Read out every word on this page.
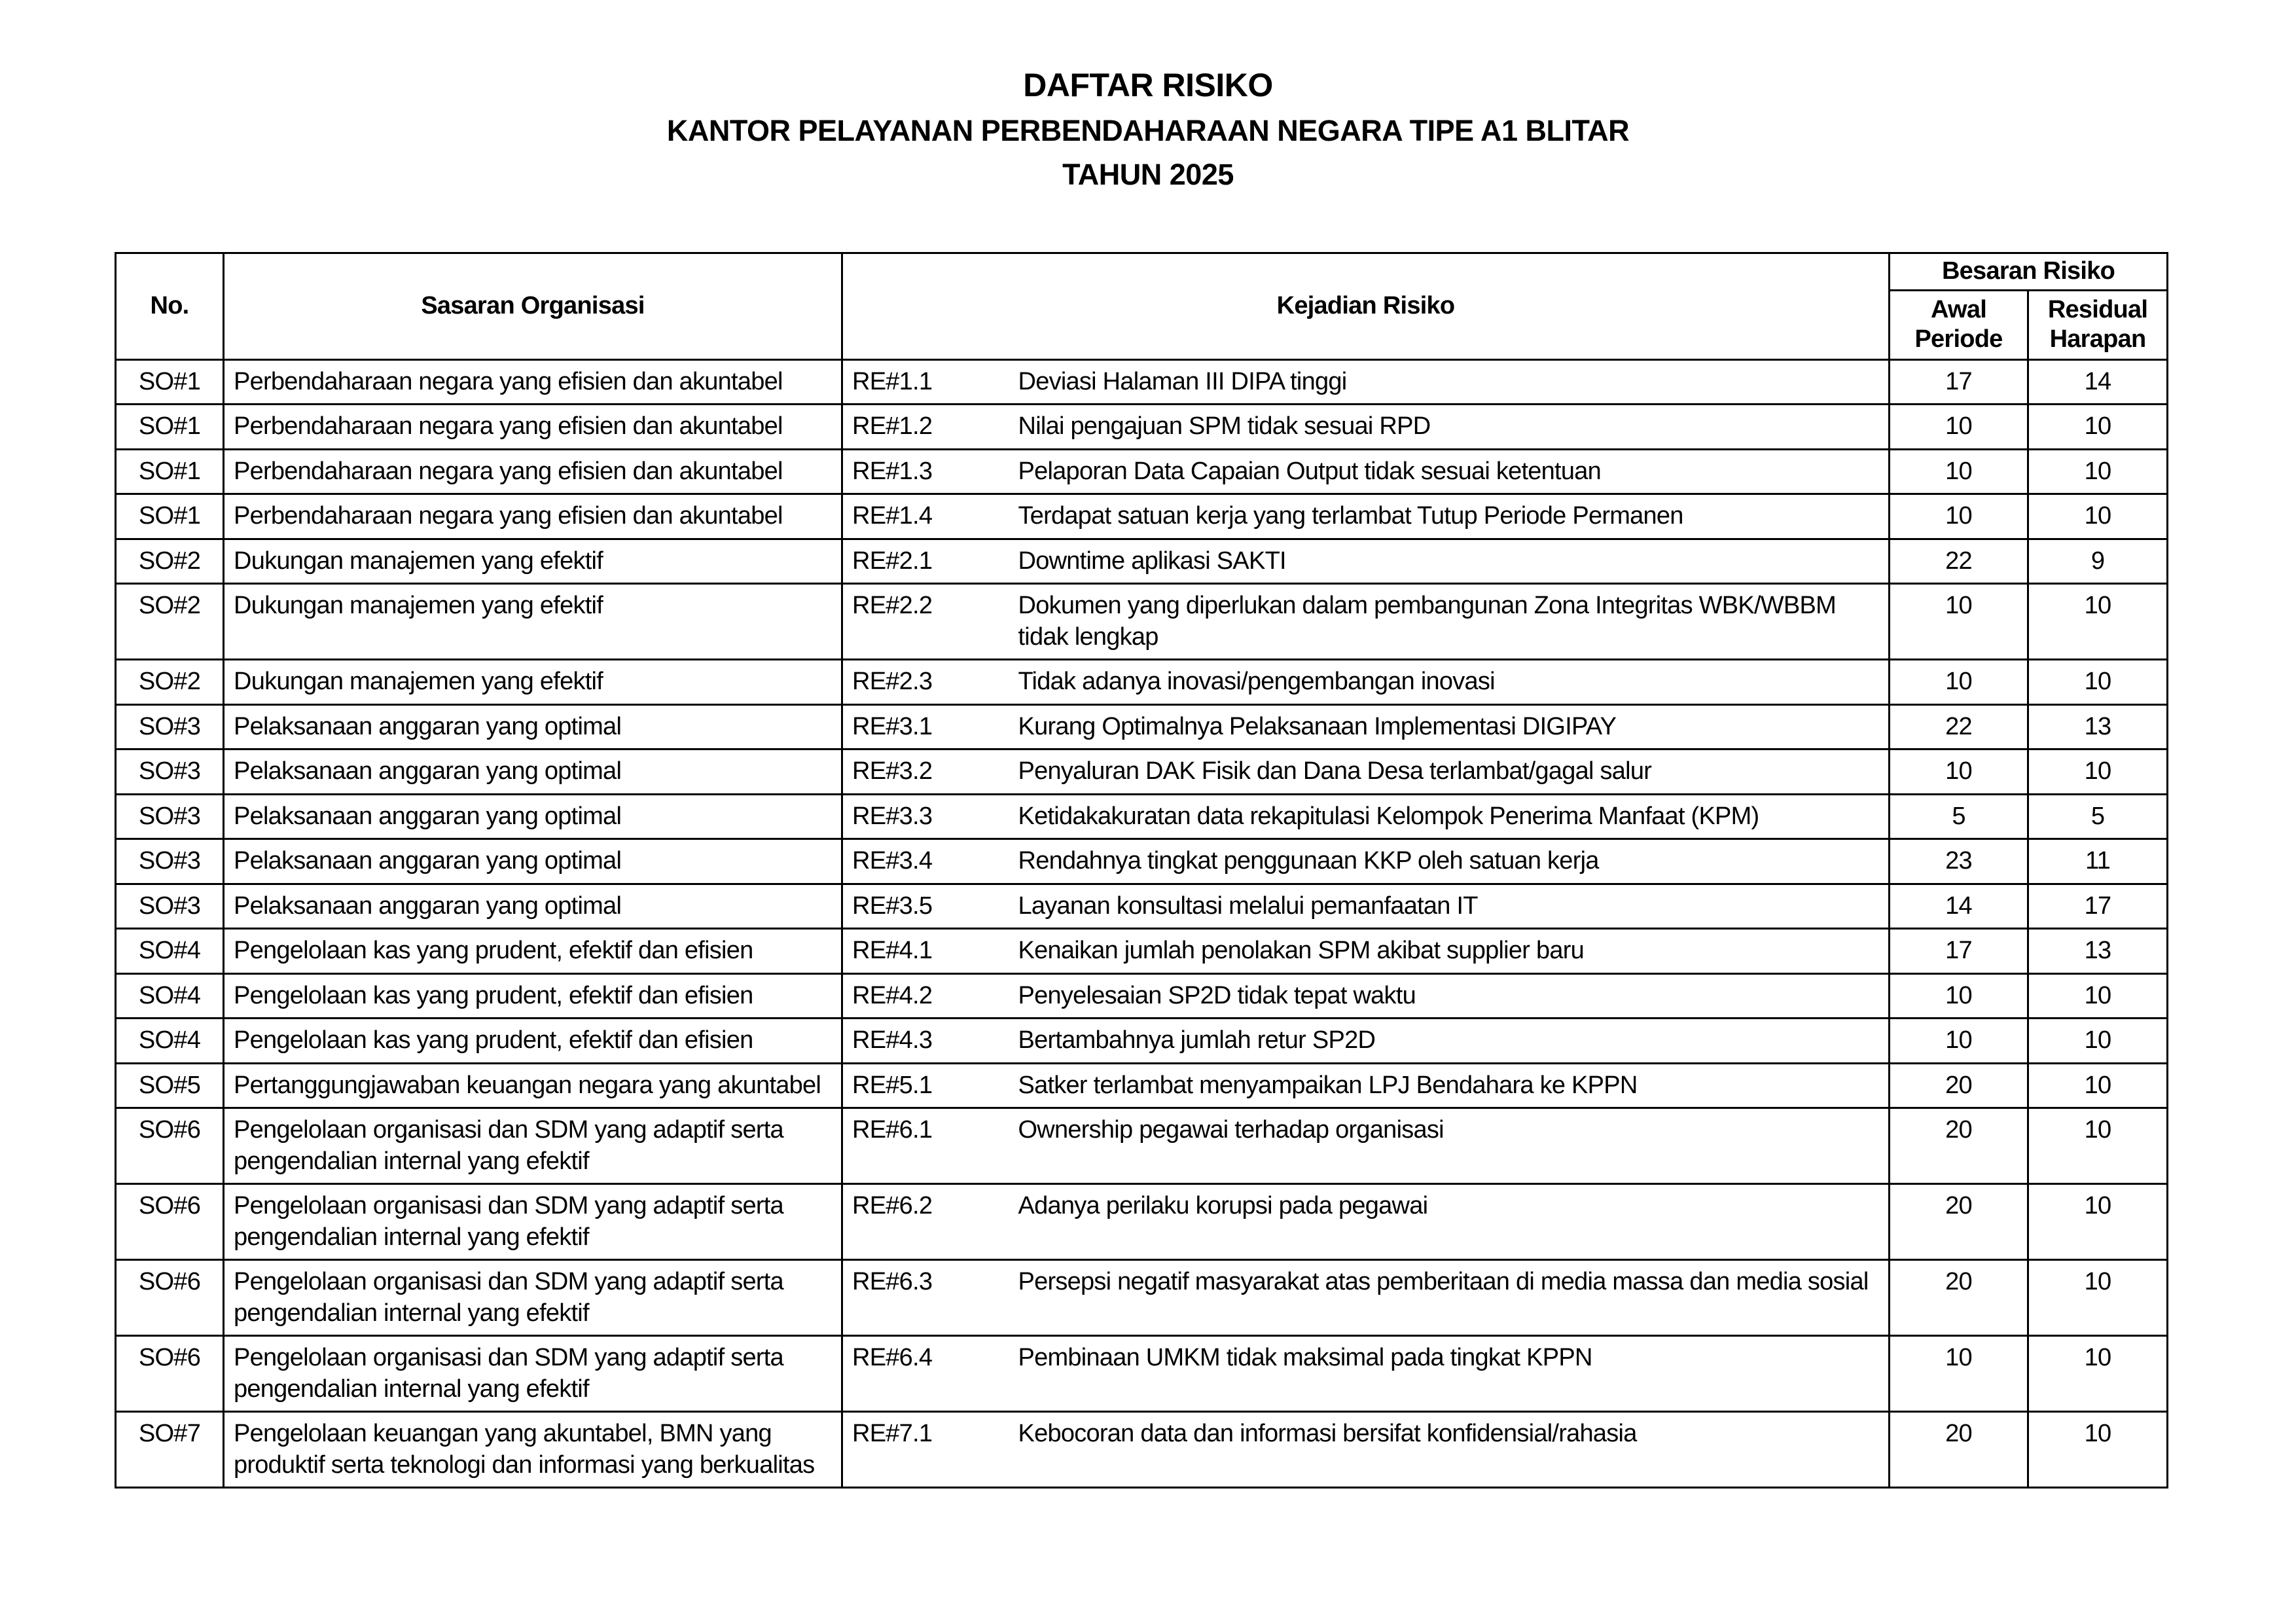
DAFTAR RISIKO
KANTOR PELAYANAN PERBENDAHARAAN NEGARA TIPE A1 BLITAR
TAHUN 2025
No.	Sasaran Organisasi	Kejadian Risiko		Besaran Risiko	
				Awal Periode	Residual Harapan
SO#1	Perbendaharaan negara yang efisien dan akuntabel	RE#1.1	Deviasi Halaman III DIPA tinggi	17	14
SO#1	Perbendaharaan negara yang efisien dan akuntabel	RE#1.2	Nilai pengajuan SPM tidak sesuai RPD	10	10
SO#1	Perbendaharaan negara yang efisien dan akuntabel	RE#1.3	Pelaporan Data Capaian Output tidak sesuai ketentuan	10	10
SO#1	Perbendaharaan negara yang efisien dan akuntabel	RE#1.4	Terdapat satuan kerja yang terlambat Tutup Periode Permanen	10	10
SO#2	Dukungan manajemen yang efektif	RE#2.1	Downtime aplikasi SAKTI	22	9
SO#2	Dukungan manajemen yang efektif	RE#2.2	Dokumen yang diperlukan dalam pembangunan Zona Integritas WBK/WBBM tidak lengkap	10	10
SO#2	Dukungan manajemen yang efektif	RE#2.3	Tidak adanya inovasi/pengembangan inovasi	10	10
SO#3	Pelaksanaan anggaran yang optimal	RE#3.1	Kurang Optimalnya Pelaksanaan Implementasi DIGIPAY	22	13
SO#3	Pelaksanaan anggaran yang optimal	RE#3.2	Penyaluran DAK Fisik dan Dana Desa terlambat/gagal salur	10	10
SO#3	Pelaksanaan anggaran yang optimal	RE#3.3	Ketidakakuratan data rekapitulasi Kelompok Penerima Manfaat (KPM)	5	5
SO#3	Pelaksanaan anggaran yang optimal	RE#3.4	Rendahnya tingkat penggunaan KKP oleh satuan kerja	23	11
SO#3	Pelaksanaan anggaran yang optimal	RE#3.5	Layanan konsultasi melalui pemanfaatan IT	14	17
SO#4	Pengelolaan kas yang prudent, efektif dan efisien	RE#4.1	Kenaikan jumlah penolakan SPM akibat supplier baru	17	13
SO#4	Pengelolaan kas yang prudent, efektif dan efisien	RE#4.2	Penyelesaian SP2D tidak tepat waktu	10	10
SO#4	Pengelolaan kas yang prudent, efektif dan efisien	RE#4.3	Bertambahnya jumlah retur SP2D	10	10
SO#5	Pertanggungjawaban keuangan negara yang akuntabel	RE#5.1	Satker terlambat menyampaikan LPJ Bendahara ke KPPN	20	10
SO#6	Pengelolaan organisasi dan SDM yang adaptif serta pengendalian internal yang efektif	RE#6.1	Ownership pegawai terhadap organisasi	20	10
SO#6	Pengelolaan organisasi dan SDM yang adaptif serta pengendalian internal yang efektif	RE#6.2	Adanya perilaku korupsi pada pegawai	20	10
SO#6	Pengelolaan organisasi dan SDM yang adaptif serta pengendalian internal yang efektif	RE#6.3	Persepsi negatif masyarakat atas pemberitaan di media massa dan media sosial	20	10
SO#6	Pengelolaan organisasi dan SDM yang adaptif serta pengendalian internal yang efektif	RE#6.4	Pembinaan UMKM tidak maksimal pada tingkat KPPN	10	10
SO#7	Pengelolaan keuangan yang akuntabel, BMN yang produktif serta teknologi dan informasi yang berkualitas	RE#7.1	Kebocoran data dan informasi bersifat konfidensial/rahasia	20	10
